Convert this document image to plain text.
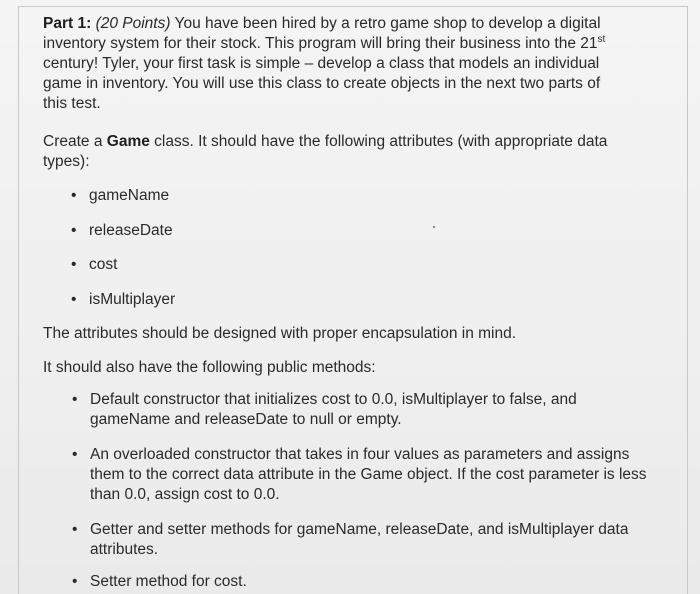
Part 1: (20 Points) You have been hired by a retro game shop to develop a digital inventory system for their stock. This program will bring their business into the 21st century! Tyler, your first task is simple – develop a class that models an individual game in inventory. You will use this class to create objects in the next two parts of this test.

Create a Game class. It should have the following attributes (with appropriate data types):

• gameName
• releaseDate
• cost
• isMultiplayer

The attributes should be designed with proper encapsulation in mind.

It should also have the following public methods:

• Default constructor that initializes cost to 0.0, isMultiplayer to false, and gameName and releaseDate to null or empty.
• An overloaded constructor that takes in four values as parameters and assigns them to the correct data attribute in the Game object. If the cost parameter is less than 0.0, assign cost to 0.0.
• Getter and setter methods for gameName, releaseDate, and isMultiplayer data attributes.
• Setter method for cost.
